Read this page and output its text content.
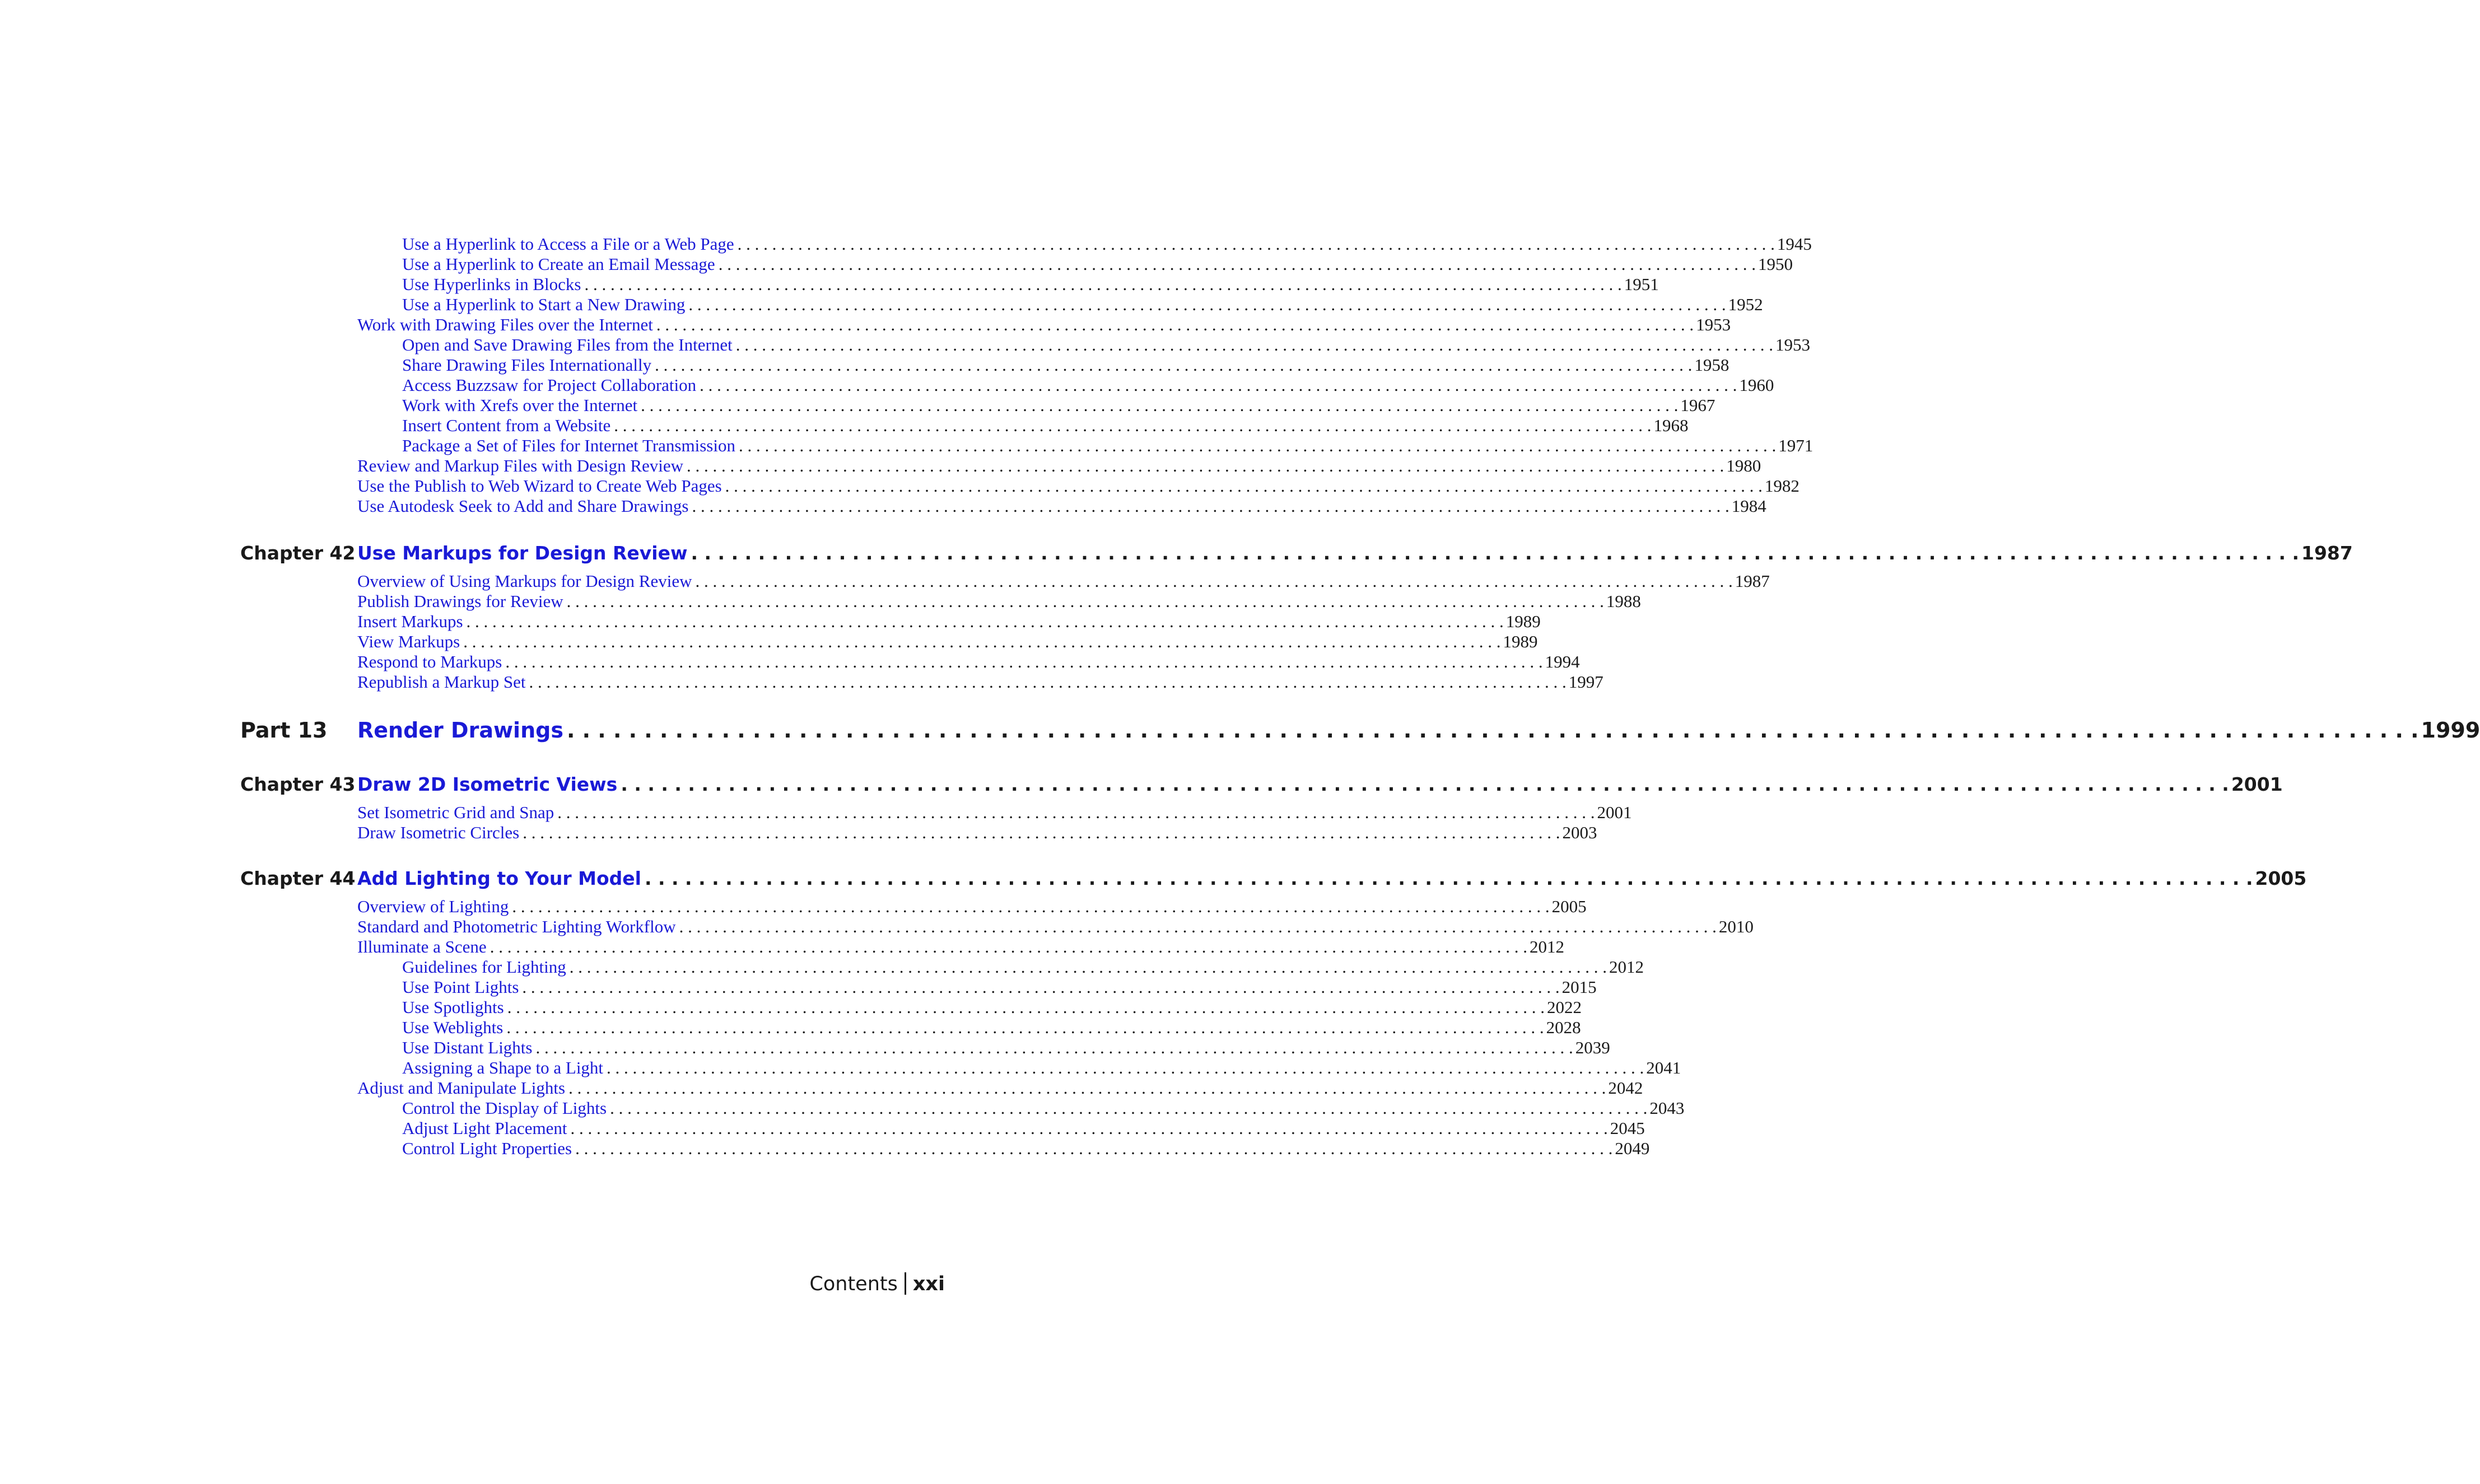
Use a Hyperlink to Access a File or a Web Page . . . . . . . . . . . . . . . . . . . . . . . . . . . . . . . . . . . . . . . . . . . . . . . . . . . . . . . . . . . . . . . . . . . . . . . . . . . . . . . . . . . . . . . . . . . . . . . . . . . . . . . . . . . . . . . . . . . . . . . . 1945
Use a Hyperlink to Create an Email Message . . . . . . . . . . . . . . . . . . . . . . . . . . . . . . . . . . . . . . . . . . . . . . . . . . . . . . . . . . . . . . . . . . . . . . . . . . . . . . . . . . . . . . . . . . . . . . . . . . . . . . . . . . . . . . . . . . . . . . . . 1950
Use Hyperlinks in Blocks . . . . . . . . . . . . . . . . . . . . . . . . . . . . . . . . . . . . . . . . . . . . . . . . . . . . . . . . . . . . . . . . . . . . . . . . . . . . . . . . . . . . . . . . . . . . . . . . . . . . . . . . . . . . . . . . . . . . . . . . 1951
Use a Hyperlink to Start a New Drawing . . . . . . . . . . . . . . . . . . . . . . . . . . . . . . . . . . . . . . . . . . . . . . . . . . . . . . . . . . . . . . . . . . . . . . . . . . . . . . . . . . . . . . . . . . . . . . . . . . . . . . . . . . . . . . . . . . . . . . . . 1952
Work with Drawing Files over the Internet . . . . . . . . . . . . . . . . . . . . . . . . . . . . . . . . . . . . . . . . . . . . . . . . . . . . . . . . . . . . . . . . . . . . . . . . . . . . . . . . . . . . . . . . . . . . . . . . . . . . . . . . . . . . . . . . . . . . . . . . 1953
Open and Save Drawing Files from the Internet . . . . . . . . . . . . . . . . . . . . . . . . . . . . . . . . . . . . . . . . . . . . . . . . . . . . . . . . . . . . . . . . . . . . . . . . . . . . . . . . . . . . . . . . . . . . . . . . . . . . . . . . . . . . . . . . . . . . . . . . 1953
Share Drawing Files Internationally . . . . . . . . . . . . . . . . . . . . . . . . . . . . . . . . . . . . . . . . . . . . . . . . . . . . . . . . . . . . . . . . . . . . . . . . . . . . . . . . . . . . . . . . . . . . . . . . . . . . . . . . . . . . . . . . . . . . . . . . 1958
Access Buzzsaw for Project Collaboration . . . . . . . . . . . . . . . . . . . . . . . . . . . . . . . . . . . . . . . . . . . . . . . . . . . . . . . . . . . . . . . . . . . . . . . . . . . . . . . . . . . . . . . . . . . . . . . . . . . . . . . . . . . . . . . . . . . . . . . . 1960
Work with Xrefs over the Internet . . . . . . . . . . . . . . . . . . . . . . . . . . . . . . . . . . . . . . . . . . . . . . . . . . . . . . . . . . . . . . . . . . . . . . . . . . . . . . . . . . . . . . . . . . . . . . . . . . . . . . . . . . . . . . . . . . . . . . . . 1967
Insert Content from a Website . . . . . . . . . . . . . . . . . . . . . . . . . . . . . . . . . . . . . . . . . . . . . . . . . . . . . . . . . . . . . . . . . . . . . . . . . . . . . . . . . . . . . . . . . . . . . . . . . . . . . . . . . . . . . . . . . . . . . . . . 1968
Package a Set of Files for Internet Transmission . . . . . . . . . . . . . . . . . . . . . . . . . . . . . . . . . . . . . . . . . . . . . . . . . . . . . . . . . . . . . . . . . . . . . . . . . . . . . . . . . . . . . . . . . . . . . . . . . . . . . . . . . . . . . . . . . . . . . . . . 1971
Review and Markup Files with Design Review . . . . . . . . . . . . . . . . . . . . . . . . . . . . . . . . . . . . . . . . . . . . . . . . . . . . . . . . . . . . . . . . . . . . . . . . . . . . . . . . . . . . . . . . . . . . . . . . . . . . . . . . . . . . . . . . . . . . . . . . 1980
Use the Publish to Web Wizard to Create Web Pages . . . . . . . . . . . . . . . . . . . . . . . . . . . . . . . . . . . . . . . . . . . . . . . . . . . . . . . . . . . . . . . . . . . . . . . . . . . . . . . . . . . . . . . . . . . . . . . . . . . . . . . . . . . . . . . . . . . . . . . . 1982
Use Autodesk Seek to Add and Share Drawings . . . . . . . . . . . . . . . . . . . . . . . . . . . . . . . . . . . . . . . . . . . . . . . . . . . . . . . . . . . . . . . . . . . . . . . . . . . . . . . . . . . . . . . . . . . . . . . . . . . . . . . . . . . . . . . . . . . . . . . . 1984
Chapter 42 Use Markups for Design Review . . . . . . . . . . . . . . . . . . . . . . . . . . . . . . . . . . . . . . . . . . . . . . . . . . . . . . . . . . . . . . . . . . . . . . . . . . . . . . . . . . . . . . . . . . . . . . . . . . . . . . . . . . . . . . . . . . . . . . . . 1987
Overview of Using Markups for Design Review . . . . . . . . . . . . . . . . . . . . . . . . . . . . . . . . . . . . . . . . . . . . . . . . . . . . . . . . . . . . . . . . . . . . . . . . . . . . . . . . . . . . . . . . . . . . . . . . . . . . . . . . . . . . . . . . . . . . . . . . 1987
Publish Drawings for Review . . . . . . . . . . . . . . . . . . . . . . . . . . . . . . . . . . . . . . . . . . . . . . . . . . . . . . . . . . . . . . . . . . . . . . . . . . . . . . . . . . . . . . . . . . . . . . . . . . . . . . . . . . . . . . . . . . . . . . . . 1988
Insert Markups . . . . . . . . . . . . . . . . . . . . . . . . . . . . . . . . . . . . . . . . . . . . . . . . . . . . . . . . . . . . . . . . . . . . . . . . . . . . . . . . . . . . . . . . . . . . . . . . . . . . . . . . . . . . . . . . . . . . . . . . 1989
View Markups . . . . . . . . . . . . . . . . . . . . . . . . . . . . . . . . . . . . . . . . . . . . . . . . . . . . . . . . . . . . . . . . . . . . . . . . . . . . . . . . . . . . . . . . . . . . . . . . . . . . . . . . . . . . . . . . . . . . . . . . 1989
Respond to Markups . . . . . . . . . . . . . . . . . . . . . . . . . . . . . . . . . . . . . . . . . . . . . . . . . . . . . . . . . . . . . . . . . . . . . . . . . . . . . . . . . . . . . . . . . . . . . . . . . . . . . . . . . . . . . . . . . . . . . . . . 1994
Republish a Markup Set . . . . . . . . . . . . . . . . . . . . . . . . . . . . . . . . . . . . . . . . . . . . . . . . . . . . . . . . . . . . . . . . . . . . . . . . . . . . . . . . . . . . . . . . . . . . . . . . . . . . . . . . . . . . . . . . . . . . . . . . 1997
Part 13 Render Drawings . . . . . . . . . . . . . . . . . . . . . . . . . . . . . . . . . . . . . . . . . . . . . . . . . . . . . . . . . . . . . . . . . . . . . . . . . . . . . . . . . . . . . . . . . . . . . . . . . . . . . . . . . . . . . . . . . . . . . . . . 1999
Chapter 43 Draw 2D Isometric Views . . . . . . . . . . . . . . . . . . . . . . . . . . . . . . . . . . . . . . . . . . . . . . . . . . . . . . . . . . . . . . . . . . . . . . . . . . . . . . . . . . . . . . . . . . . . . . . . . . . . . . . . . . . . . . . . . . . . . . . . 2001
Set Isometric Grid and Snap . . . . . . . . . . . . . . . . . . . . . . . . . . . . . . . . . . . . . . . . . . . . . . . . . . . . . . . . . . . . . . . . . . . . . . . . . . . . . . . . . . . . . . . . . . . . . . . . . . . . . . . . . . . . . . . . . . . . . . . . 2001
Draw Isometric Circles . . . . . . . . . . . . . . . . . . . . . . . . . . . . . . . . . . . . . . . . . . . . . . . . . . . . . . . . . . . . . . . . . . . . . . . . . . . . . . . . . . . . . . . . . . . . . . . . . . . . . . . . . . . . . . . . . . . . . . . . 2003
Chapter 44 Add Lighting to Your Model . . . . . . . . . . . . . . . . . . . . . . . . . . . . . . . . . . . . . . . . . . . . . . . . . . . . . . . . . . . . . . . . . . . . . . . . . . . . . . . . . . . . . . . . . . . . . . . . . . . . . . . . . . . . . . . . . . . . . . . . 2005
Overview of Lighting . . . . . . . . . . . . . . . . . . . . . . . . . . . . . . . . . . . . . . . . . . . . . . . . . . . . . . . . . . . . . . . . . . . . . . . . . . . . . . . . . . . . . . . . . . . . . . . . . . . . . . . . . . . . . . . . . . . . . . . . 2005
Standard and Photometric Lighting Workflow . . . . . . . . . . . . . . . . . . . . . . . . . . . . . . . . . . . . . . . . . . . . . . . . . . . . . . . . . . . . . . . . . . . . . . . . . . . . . . . . . . . . . . . . . . . . . . . . . . . . . . . . . . . . . . . . . . . . . . . . 2010
Illuminate a Scene . . . . . . . . . . . . . . . . . . . . . . . . . . . . . . . . . . . . . . . . . . . . . . . . . . . . . . . . . . . . . . . . . . . . . . . . . . . . . . . . . . . . . . . . . . . . . . . . . . . . . . . . . . . . . . . . . . . . . . . . 2012
Guidelines for Lighting . . . . . . . . . . . . . . . . . . . . . . . . . . . . . . . . . . . . . . . . . . . . . . . . . . . . . . . . . . . . . . . . . . . . . . . . . . . . . . . . . . . . . . . . . . . . . . . . . . . . . . . . . . . . . . . . . . . . . . . . 2012
Use Point Lights . . . . . . . . . . . . . . . . . . . . . . . . . . . . . . . . . . . . . . . . . . . . . . . . . . . . . . . . . . . . . . . . . . . . . . . . . . . . . . . . . . . . . . . . . . . . . . . . . . . . . . . . . . . . . . . . . . . . . . . . 2015
Use Spotlights . . . . . . . . . . . . . . . . . . . . . . . . . . . . . . . . . . . . . . . . . . . . . . . . . . . . . . . . . . . . . . . . . . . . . . . . . . . . . . . . . . . . . . . . . . . . . . . . . . . . . . . . . . . . . . . . . . . . . . . . 2022
Use Weblights . . . . . . . . . . . . . . . . . . . . . . . . . . . . . . . . . . . . . . . . . . . . . . . . . . . . . . . . . . . . . . . . . . . . . . . . . . . . . . . . . . . . . . . . . . . . . . . . . . . . . . . . . . . . . . . . . . . . . . . . 2028
Use Distant Lights . . . . . . . . . . . . . . . . . . . . . . . . . . . . . . . . . . . . . . . . . . . . . . . . . . . . . . . . . . . . . . . . . . . . . . . . . . . . . . . . . . . . . . . . . . . . . . . . . . . . . . . . . . . . . . . . . . . . . . . . 2039
Assigning a Shape to a Light . . . . . . . . . . . . . . . . . . . . . . . . . . . . . . . . . . . . . . . . . . . . . . . . . . . . . . . . . . . . . . . . . . . . . . . . . . . . . . . . . . . . . . . . . . . . . . . . . . . . . . . . . . . . . . . . . . . . . . . . 2041
Adjust and Manipulate Lights . . . . . . . . . . . . . . . . . . . . . . . . . . . . . . . . . . . . . . . . . . . . . . . . . . . . . . . . . . . . . . . . . . . . . . . . . . . . . . . . . . . . . . . . . . . . . . . . . . . . . . . . . . . . . . . . . . . . . . . . 2042
Control the Display of Lights . . . . . . . . . . . . . . . . . . . . . . . . . . . . . . . . . . . . . . . . . . . . . . . . . . . . . . . . . . . . . . . . . . . . . . . . . . . . . . . . . . . . . . . . . . . . . . . . . . . . . . . . . . . . . . . . . . . . . . . . 2043
Adjust Light Placement . . . . . . . . . . . . . . . . . . . . . . . . . . . . . . . . . . . . . . . . . . . . . . . . . . . . . . . . . . . . . . . . . . . . . . . . . . . . . . . . . . . . . . . . . . . . . . . . . . . . . . . . . . . . . . . . . . . . . . . . 2045
Control Light Properties . . . . . . . . . . . . . . . . . . . . . . . . . . . . . . . . . . . . . . . . . . . . . . . . . . . . . . . . . . . . . . . . . . . . . . . . . . . . . . . . . . . . . . . . . . . . . . . . . . . . . . . . . . . . . . . . . . . . . . . . 2049
Contents xxi
